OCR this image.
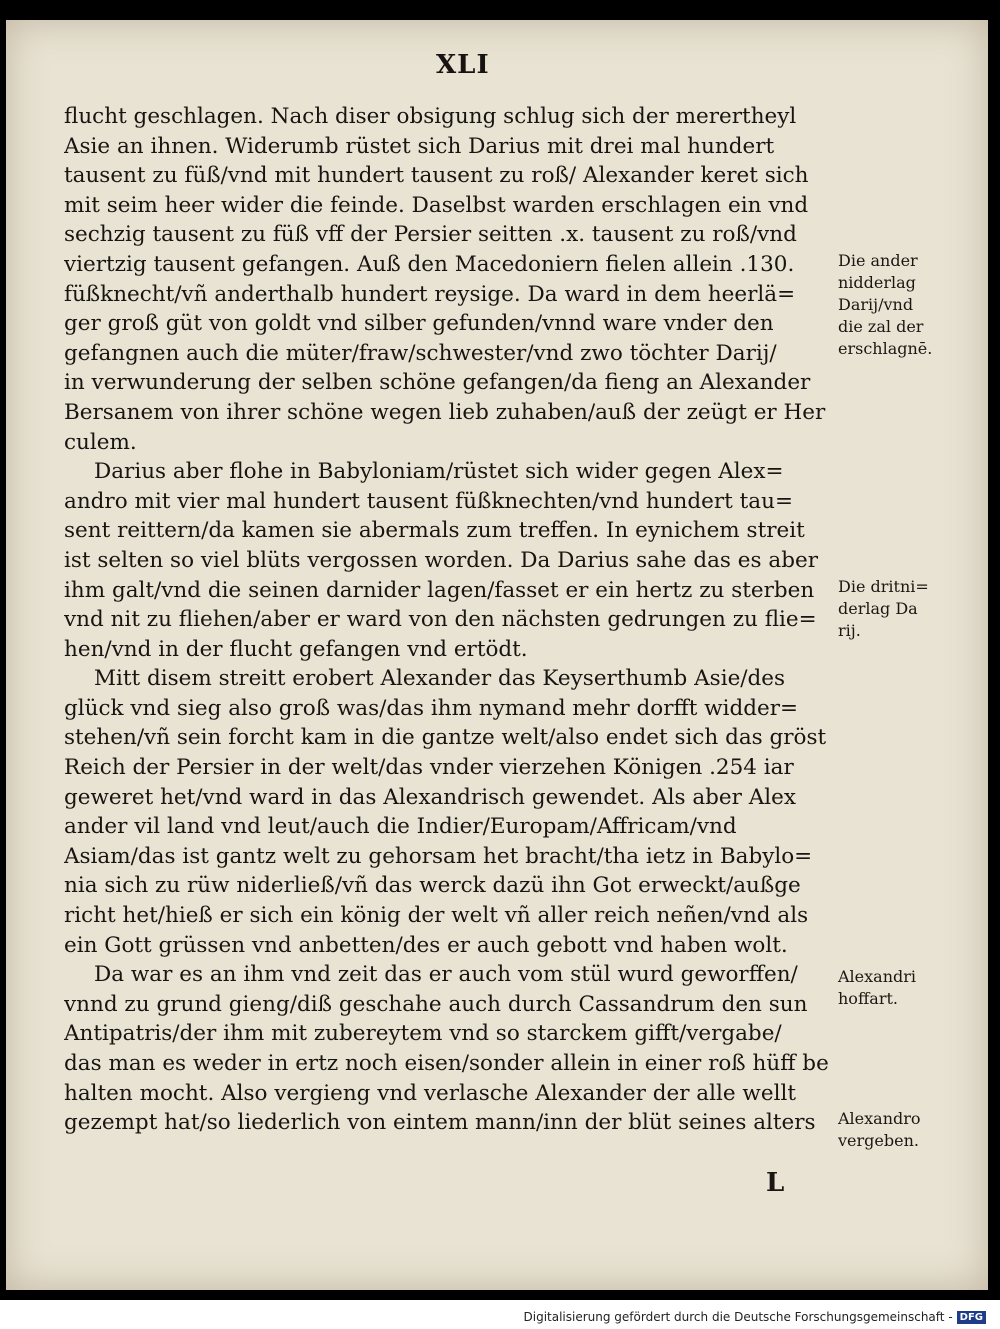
XLI
flucht geschlagen. Nach diser obsigung schlug sich der merertheyl
Asie an ihnen. Widerumb rüstet sich Darius mit drei mal hundert
tausent zu füß/vnd mit hundert tausent zu roß/ Alexander keret sich
mit seim heer wider die feinde. Daselbst warden erschlagen ein vnd
sechzig tausent zu füß vff der Persier seitten .x. tausent zu roß/vnd
viertzig tausent gefangen. Auß den Macedoniern fielen allein .130.
füßknecht/vñ anderthalb hundert reysige. Da ward in dem heerlä=
ger groß güt von goldt vnd silber gefunden/vnnd ware vnder den
gefangnen auch die müter/fraw/schwester/vnd zwo töchter Darij/
in verwunderung der selben schöne gefangen/da fieng an Alexander
Bersanem von ihrer schöne wegen lieb zuhaben/auß der zeügt er Her
culem.
Darius aber flohe in Babyloniam/rüstet sich wider gegen Alex=
andro mit vier mal hundert tausent füßknechten/vnd hundert tau=
sent reittern/da kamen sie abermals zum treffen. In eynichem streit
ist selten so viel blüts vergossen worden. Da Darius sahe das es aber
ihm galt/vnd die seinen darnider lagen/fasset er ein hertz zu sterben
vnd nit zu fliehen/aber er ward von den nächsten gedrungen zu flie=
hen/vnd in der flucht gefangen vnd ertödt.
Mitt disem streitt erobert Alexander das Keyserthumb Asie/des
glück vnd sieg also groß was/das ihm nymand mehr dorfft widder=
stehen/vñ sein forcht kam in die gantze welt/also endet sich das gröst
Reich der Persier in der welt/das vnder vierzehen Königen .254 iar
geweret het/vnd ward in das Alexandrisch gewendet. Als aber Alex
ander vil land vnd leut/auch die Indier/Europam/Affricam/vnd
Asiam/das ist gantz welt zu gehorsam het bracht/tha ietz in Babylo=
nia sich zu rüw niderließ/vñ das werck dazü ihn Got erweckt/außge
richt het/hieß er sich ein könig der welt vñ aller reich neñen/vnd als
ein Gott grüssen vnd anbetten/des er auch gebott vnd haben wolt.
Da war es an ihm vnd zeit das er auch vom stül wurd geworffen/
vnnd zu grund gieng/diß geschahe auch durch Cassandrum den sun
Antipatris/der ihm mit zubereytem vnd so starckem gifft/vergabe/
das man es weder in ertz noch eisen/sonder allein in einer roß hüff be
halten mocht. Also vergieng vnd verlasche Alexander der alle wellt
gezempt hat/so liederlich von eintem mann/inn der blüt seines alters
Die ander
nidderlag
Darij/vnd
die zal der
erschlagnē.
Die dritni=
derlag Da
rij.
Alexandri
hoffart.
Alexandro
vergeben.
L
Digitalisierung gefördert durch die Deutsche Forschungsgemeinschaft - DFG
